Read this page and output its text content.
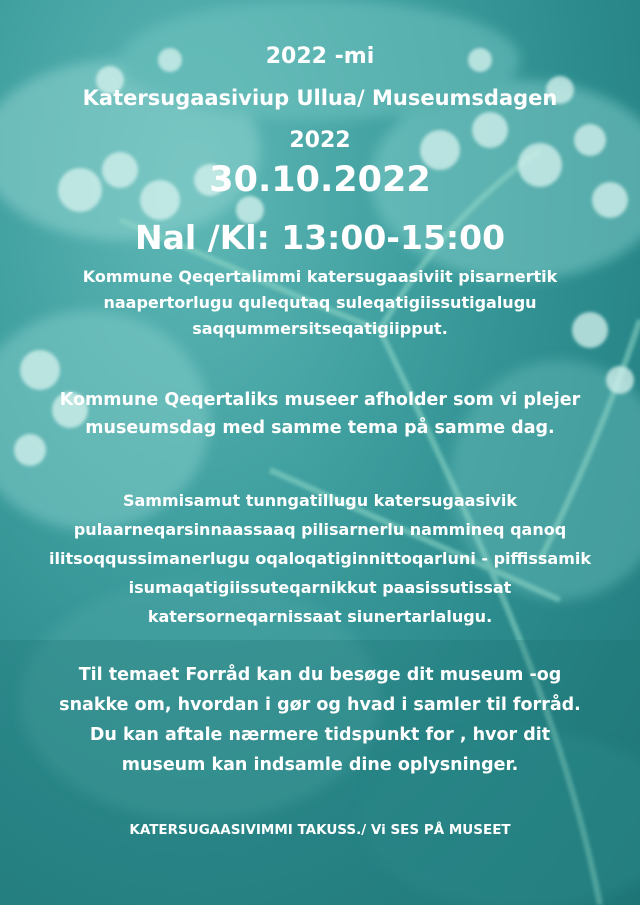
2022 -mi
Katersugaasiviup Ullua/ Museumsdagen
2022
30.10.2022
Nal /Kl: 13:00-15:00
Kommune Qeqertalimmi katersugaasiviit pisarnertik
naapertorlugu qulequtaq suleqatigiissutigalugu
saqqummersitseqatigiipput.
Kommune Qeqertaliks museer afholder som vi plejer
museumsdag med samme tema på samme dag.
Sammisamut tunngatillugu katersugaasivik
pulaarneqarsinnaassaaq pilisarnerlu nammineq qanoq
ilitsoqqussimanerlugu oqaloqatiginnittoqarluni - piffissamik
isumaqatigiissuteqarnikkut paasissutissat
katersorneqarnissaat siunertarlalugu.
Til temaet Forråd kan du besøge dit museum -og
snakke om, hvordan i gør og hvad i samler til forråd.
Du kan aftale nærmere tidspunkt for , hvor dit
museum kan indsamle dine oplysninger.
KATERSUGAASIVIMMI TAKUSS./ Vi SES PÅ MUSEET
